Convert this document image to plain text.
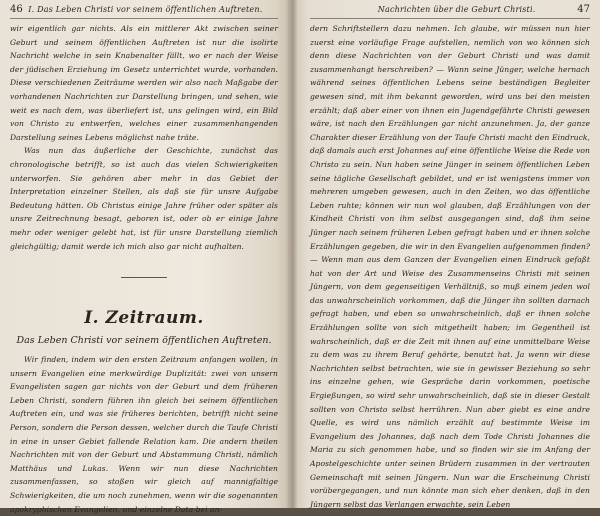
46 I. Das Leben Christi vor seinem öffentlichen Auftreten.

wir eigentlich gar nichts. Als ein mittlerer Akt zwischen seiner Geburt und seinem öffentlichen Auftreten ist nur die isolirte Nachricht welche in sein Knabenalter fällt, wo er nach der Weise der jüdischen Erziehung im Gesetz unterrichtet wurde, vorhanden. Diese verschiedenen Zeiträume werden wir also nach Maßgabe der vorhandenen Nachrichten zur Darstellung bringen, und sehen, wie weit es nach dem, was überliefert ist, uns gelingen wird, ein Bild von Christo zu entwerfen, welches einer zusammenhangenden Darstellung seines Lebens möglichst nahe träte.

Was nun das äußerliche der Geschichte, zunächst das chronologische betrifft, so ist auch das vielen Schwierigkeiten unterworfen. Sie gehören aber mehr in das Gebiet der Interpretation einzelner Stellen, als daß sie für unsre Aufgabe Bedeutung hätten. Ob Christus einige Jahre früher oder später als unsre Zeitrechnung besagt, geboren ist, oder ob er einige Jahre mehr oder weniger gelebt hat, ist für unsre Darstellung ziemlich gleichgültig; damit werde ich mich also gar nicht aufhalten.

I. Zeitraum.
Das Leben Christi vor seinem öffentlichen Auftreten.

Wir finden, indem wir den ersten Zeitraum anfangen wollen, in unsern Evangelien eine merkwürdige Duplizität: zwei von unsern Evangelisten sagen gar nichts von der Geburt und dem früheren Leben Christi, sondern führen ihn gleich bei seinem öffentlichen Auftreten ein, und was sie früheres berichten, betrifft nicht seine Person, sondern die Person dessen, welcher durch die Taufe Christi in eine in unser Gebiet fallende Relation kam. Die andern theilen Nachrichten mit von der Geburt und Abstammung Christi, nämlich Matthäus und Lukas. Wenn wir nun diese Nachrichten zusammenfassen, so stoßen wir gleich auf mannigfaltige Schwierigkeiten, die um noch zunehmen, wenn wir die sogenannten apokryphischen Evangelien, und einzelne Data bei an-

Nachrichten über die Geburt Christi.	47

dern Schriftstellern dazu nehmen. Ich glaube, wir müssen nun hier zuerst eine vorläufige Frage aufstellen, nemlich von wo können sich denn diese Nachrichten von der Geburt Christi und was damit zusammenhangt herschreiben? — Wann seine Jünger, welche hernach während seines öffentlichen Lebens seine beständigen Begleiter gewesen sind, mit ihm bekannt geworden, wird uns bei den meisten erzählt; daß aber einer von ihnen ein Jugendgefährte Christi gewesen wäre, ist nach den Erzählungen gar nicht anzunehmen. Ja, der ganze Charakter dieser Erzählung von der Taufe Christi macht den Eindruck, daß damals auch erst Johannes auf eine öffentliche Weise die Rede von Christo zu sein. Nun haben seine Jünger in seinem öffentlichen Leben seine tägliche Gesellschaft gebildet, und er ist wenigstens immer von mehreren umgeben gewesen, auch in den Zeiten, wo das öffentliche Leben ruhte; können wir nun wol glauben, daß Erzählungen von der Kindheit Christi von ihm selbst ausgegangen sind, daß ihm seine Jünger nach seinem früheren Leben gefragt haben und er ihnen solche Erzählungen gegeben, die wir in den Evangelien aufgenommen finden? — Wenn man aus dem Ganzen der Evangelien einen Eindruck gefaßt hat von der Art und Weise des Zusammenseins Christi mit seinen Jüngern, von dem gegenseitigen Verhältniß, so muß einem jeden wol das unwahrscheinlich vorkommen, daß die Jünger ihn sollten darnach gefragt haben, und eben so unwahrscheinlich, daß er ihnen solche Erzählungen sollte von sich mitgetheilt haben; im Gegentheil ist wahrscheinlich, daß er die Zeit mit ihnen auf eine unmittelbare Weise zu dem was zu ihrem Beruf gehörte, benutzt hat. Ja wenn wir diese Nachrichten selbst betrachten, wie sie in gewisser Beziehung so sehr ins einzelne gehen, wie Gespräche darin vorkommen, poetische Ergießungen, so wird sehr unwahrscheinlich, daß sie in dieser Gestalt sollten von Christo selbst herrühren. Nun aber giebt es eine andre Quelle, es wird uns nämlich erzählt auf bestimmte Weise im Evangelium des Johannes, daß nach dem Tode Christi Johannes die Maria zu sich genommen habe, und so finden wir sie im Anfang der Apostelgeschichte unter seinen Brüdern zusammen in der vertrauten Gemeinschaft mit seinen Jüngern. Nun war die Erscheinung Christi vorübergegangen, und nun könnte man sich eher denken, daß in den Jüngern selbst das Verlangen erwachte, sein Leben
